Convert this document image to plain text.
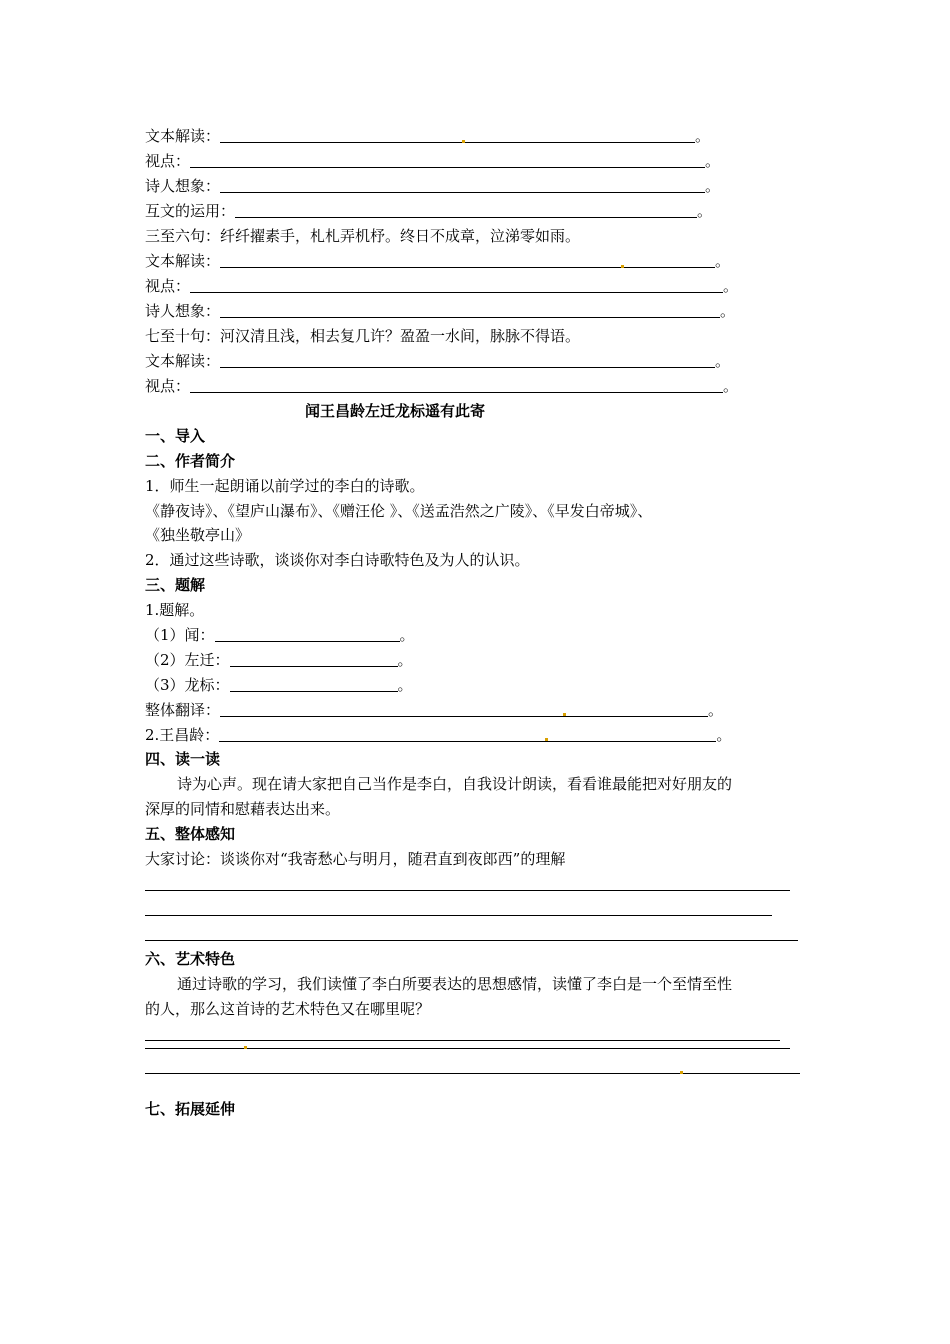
文本解读：	。
视点：	。
诗人想象：	。
互文的运用：	。
三至六句：纤纤擢素手，札札弄机杼。终日不成章，泣涕零如雨。
文本解读：	。
视点：	。
诗人想象：	。
七至十句：河汉清且浅，相去复几许？盈盈一水间，脉脉不得语。
文本解读：	。
视点：	。
闻王昌龄左迁龙标遥有此寄
一、导入
二、作者简介
1．师生一起朗诵以前学过的李白的诗歌。
《静夜诗》、《望庐山瀑布》、《赠汪伦 》、《送孟浩然之广陵》、《早发白帝城》、
《独坐敬亭山》
2．通过这些诗歌，谈谈你对李白诗歌特色及为人的认识。
三、题解
1.题解。
（1）闻：	。
（2）左迁：	。
（3）龙标：	。
整体翻译：	。
2.王昌龄：	。
四、读一读
诗为心声。现在请大家把自己当作是李白，自我设计朗读，看看谁最能把对好朋友的
深厚的同情和慰藉表达出来。
五、整体感知
大家讨论：谈谈你对“我寄愁心与明月，随君直到夜郎西”的理解
六、艺术特色
通过诗歌的学习，我们读懂了李白所要表达的思想感情，读懂了李白是一个至情至性
的人，那么这首诗的艺术特色又在哪里呢？
七、拓展延伸
